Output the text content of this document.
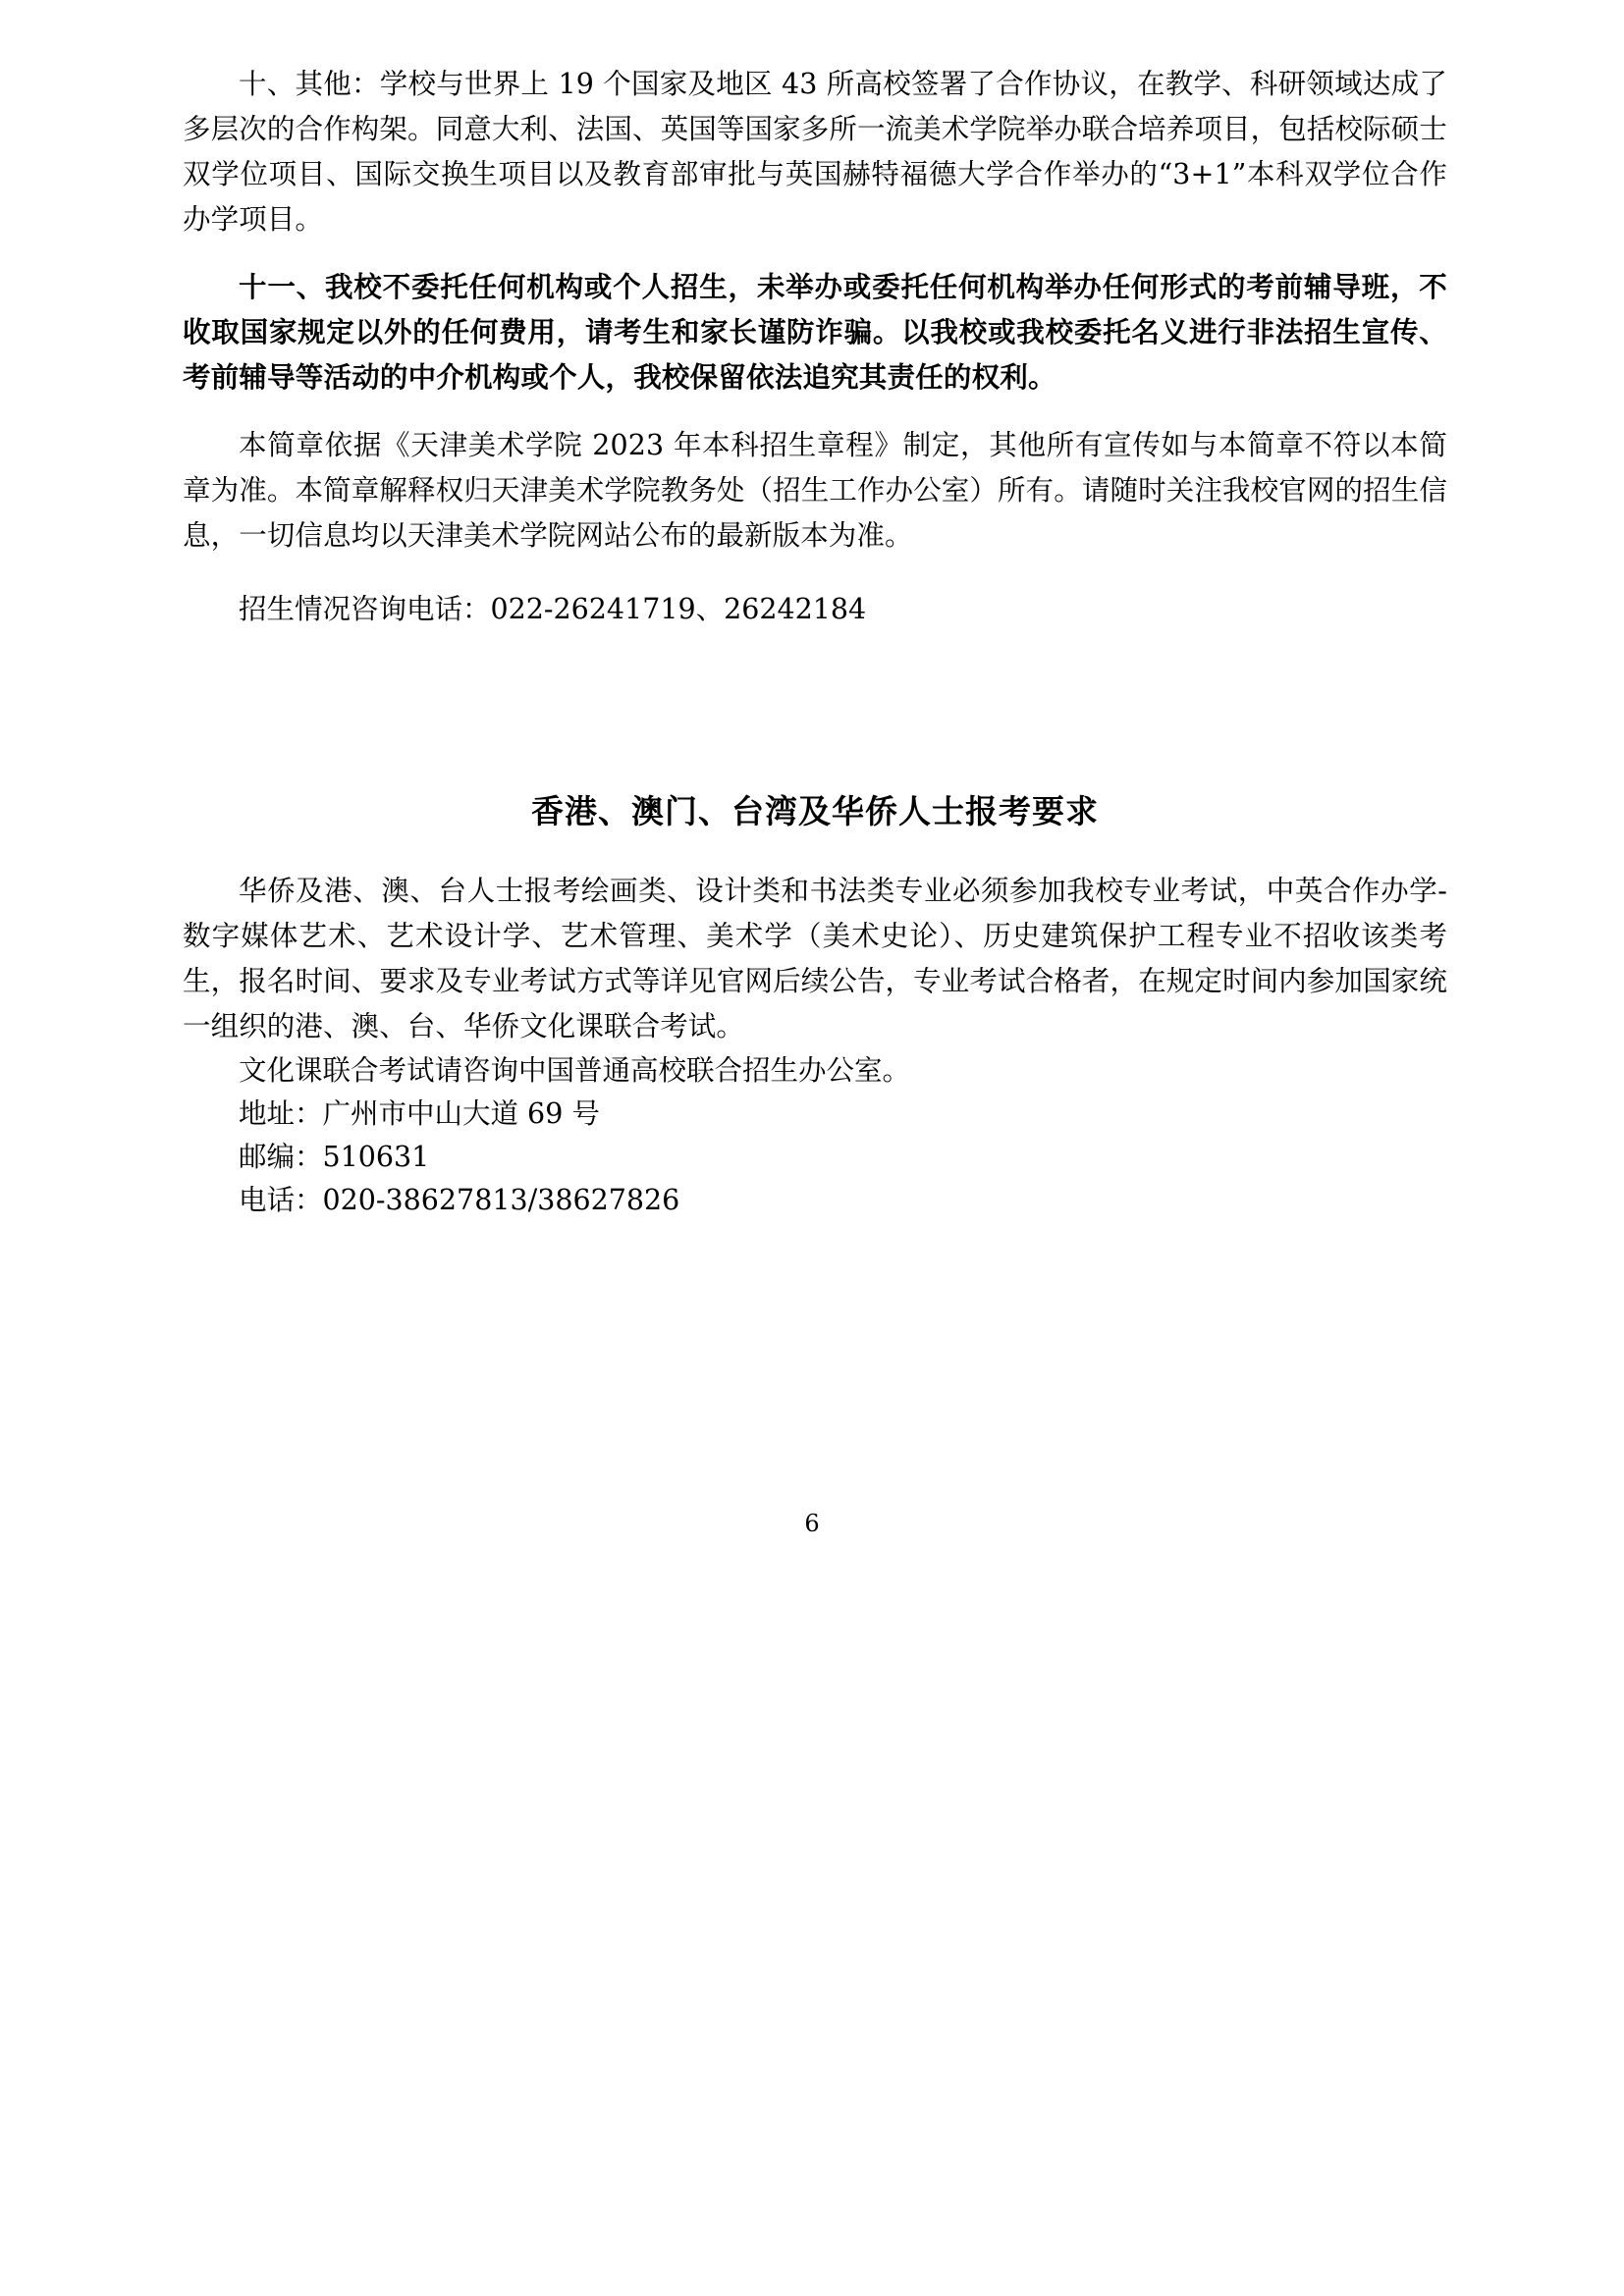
十、其他：学校与世界上 19 个国家及地区 43 所高校签署了合作协议，在教学、科研领域达成了多层次的合作构架。同意大利、法国、英国等国家多所一流美术学院举办联合培养项目，包括校际硕士双学位项目、国际交换生项目以及教育部审批与英国赫特福德大学合作举办的“3+1”本科双学位合作办学项目。

十一、我校不委托任何机构或个人招生，未举办或委托任何机构举办任何形式的考前辅导班，不收取国家规定以外的任何费用，请考生和家长谨防诈骗。以我校或我校委托名义进行非法招生宣传、考前辅导等活动的中介机构或个人，我校保留依法追究其责任的权利。

本简章依据《天津美术学院 2023 年本科招生章程》制定，其他所有宣传如与本简章不符以本简章为准。本简章解释权归天津美术学院教务处（招生工作办公室）所有。请随时关注我校官网的招生信息，一切信息均以天津美术学院网站公布的最新版本为准。

招生情况咨询电话：022-26241719、26242184

香港、澳门、台湾及华侨人士报考要求

华侨及港、澳、台人士报考绘画类、设计类和书法类专业必须参加我校专业考试，中英合作办学-数字媒体艺术、艺术设计学、艺术管理、美术学（美术史论）、历史建筑保护工程专业不招收该类考生，报名时间、要求及专业考试方式等详见官网后续公告，专业考试合格者，在规定时间内参加国家统一组织的港、澳、台、华侨文化课联合考试。

文化课联合考试请咨询中国普通高校联合招生办公室。

地址：广州市中山大道 69 号

邮编：510631

电话：020-38627813/38627826

6
